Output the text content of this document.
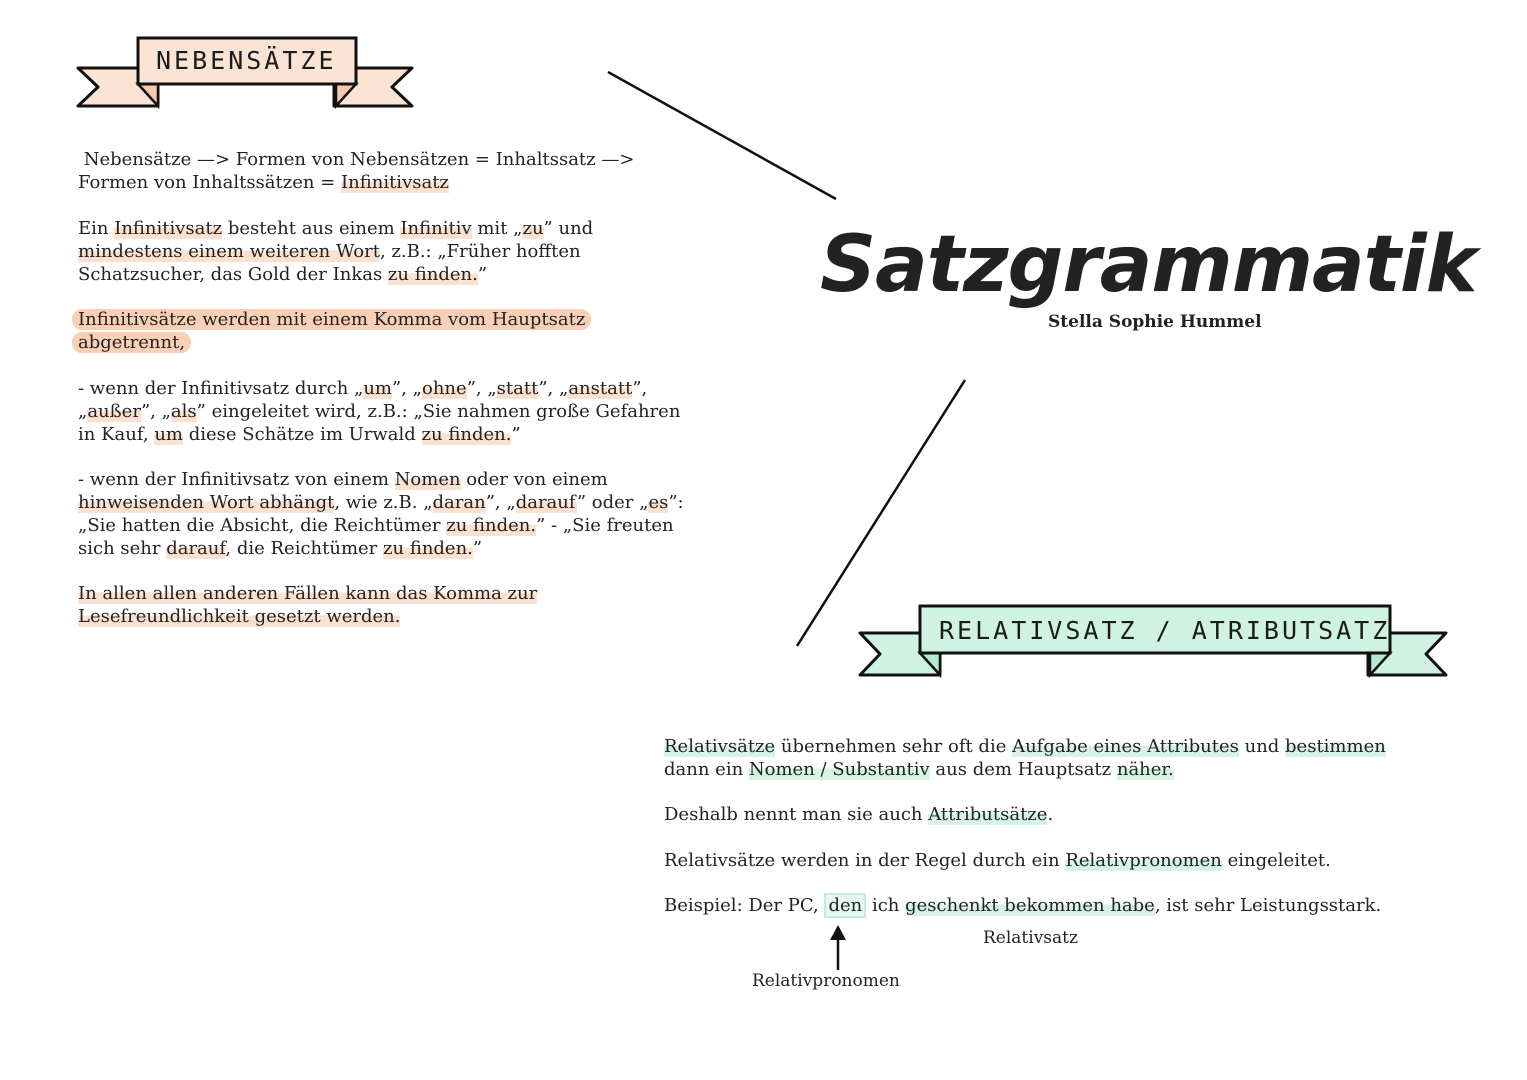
NEBENSÄTZE
RELATIVSATZ / ATRIBUTSATZ
Satzgrammatik
Stella Sophie Hummel
Nebensätze —> Formen von Nebensätzen = Inhaltssatz —>
Formen von Inhaltssätzen = Infinitivsatz
Ein Infinitivsatz besteht aus einem Infinitiv mit „zu” und
mindestens einem weiteren Wort, z.B.: „Früher hofften
Schatzsucher, das Gold der Inkas zu finden.”
Infinitivsätze werden mit einem Komma vom Hauptsatz
abgetrennt,
- wenn der Infinitivsatz durch „um”, „ohne”, „statt”, „anstatt”,
„außer”, „als” eingeleitet wird, z.B.: „Sie nahmen große Gefahren
in Kauf, um diese Schätze im Urwald zu finden.”
- wenn der Infinitivsatz von einem Nomen oder von einem
hinweisenden Wort abhängt, wie z.B. „daran”, „darauf” oder „es”:
„Sie hatten die Absicht, die Reichtümer zu finden.” - „Sie freuten
sich sehr darauf, die Reichtümer zu finden.”
In allen allen anderen Fällen kann das Komma zur
Lesefreundlichkeit gesetzt werden.
Relativsätze übernehmen sehr oft die Aufgabe eines Attributes und bestimmen
dann ein Nomen / Substantiv aus dem Hauptsatz näher.
Deshalb nennt man sie auch Attributsätze.
Relativsätze werden in der Regel durch ein Relativpronomen eingeleitet.
Beispiel: Der PC, den ich geschenkt bekommen habe, ist sehr Leistungsstark.
Relativsatz
Relativpronomen
